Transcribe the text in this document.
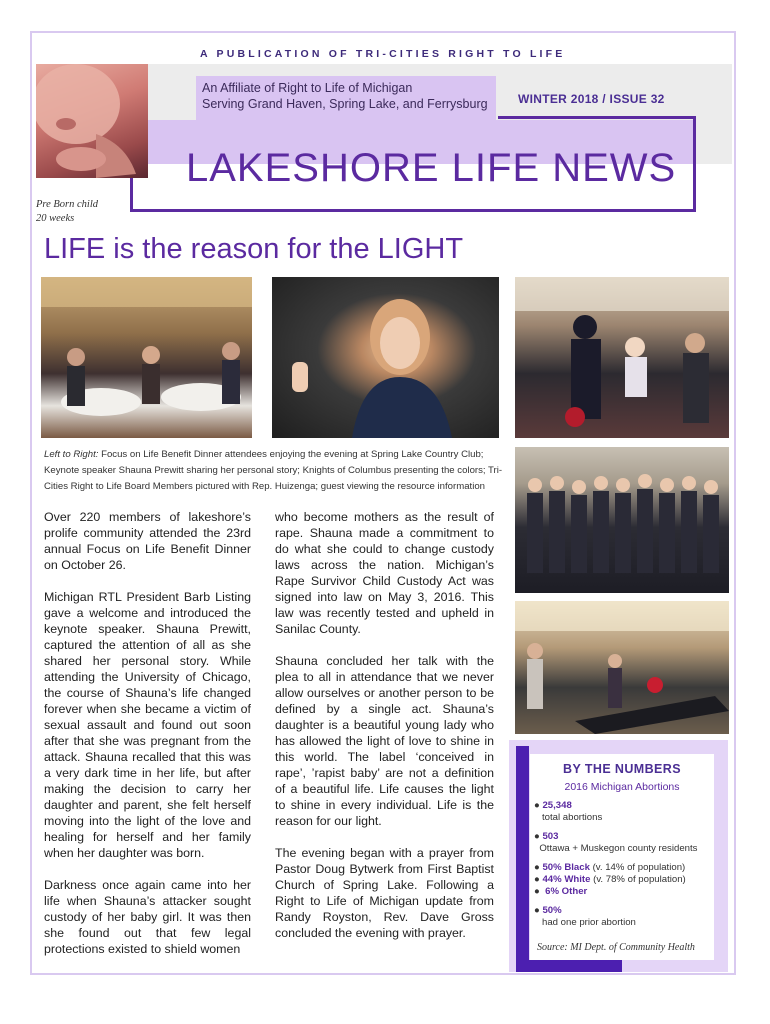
A PUBLICATION OF TRI-CITIES RIGHT TO LIFE
An Affiliate of Right to Life of Michigan
Serving Grand Haven, Spring Lake, and Ferrysburg	WINTER 2018 / ISSUE 32
LAKESHORE LIFE NEWS
Pre Born child
20 weeks
LIFE is the reason for the LIGHT
Left to Right: Focus on Life Benefit Dinner attendees enjoying the evening at Spring Lake Country Club; Keynote speaker Shauna Prewitt sharing her personal story; Knights of Columbus presenting the colors; Tri-Cities Right to Life Board Members pictured with Rep. Huizenga; guest viewing the resource information

Over 220 members of lakeshore’s prolife community attended the 23rd annual Focus on Life Benefit Dinner on October 26.

Michigan RTL President Barb Listing gave a welcome and introduced the keynote speaker. Shauna Prewitt, captured the attention of all as she shared her personal story. While attending the University of Chicago, the course of Shauna’s life changed forever when she became a victim of sexual assault and found out soon after that she was pregnant from the attack. Shauna recalled that this was a very dark time in her life, but after making the decision to carry her daughter and parent, she felt herself moving into the light of the love and healing for herself and her family when her daughter was born.

Darkness once again came into her life when Shauna’s attacker sought custody of her baby girl. It was then she found out that few legal protections existed to shield women

who become mothers as the result of rape. Shauna made a commitment to do what she could to change custody laws across the nation. Michigan’s Rape Survivor Child Custody Act was signed into law on May 3, 2016. This law was recently tested and upheld in Sanilac County.

Shauna concluded her talk with the plea to all in attendance that we never allow ourselves or another person to be defined by a single act. Shauna’s daughter is a beautiful young lady who has allowed the light of love to shine in this world. The label ‘conceived in rape’, ’rapist baby’ are not a definition of a beautiful life. Life causes the light to shine in every individual. Life is the reason for our light.

The evening began with a prayer from Pastor Doug Bytwerk from First Baptist Church of Spring Lake. Following a Right to Life of Michigan update from Randy Royston, Rev. Dave Gross concluded the evening with prayer.

BY THE NUMBERS
2016 Michigan Abortions
● 25,348
total abortions
● 503
Ottawa + Muskegon county residents
● 50% Black (v. 14% of population)
● 44% White (v. 78% of population)
●  6% Other
● 50%
had one prior abortion
Source: MI Dept. of Community Health
